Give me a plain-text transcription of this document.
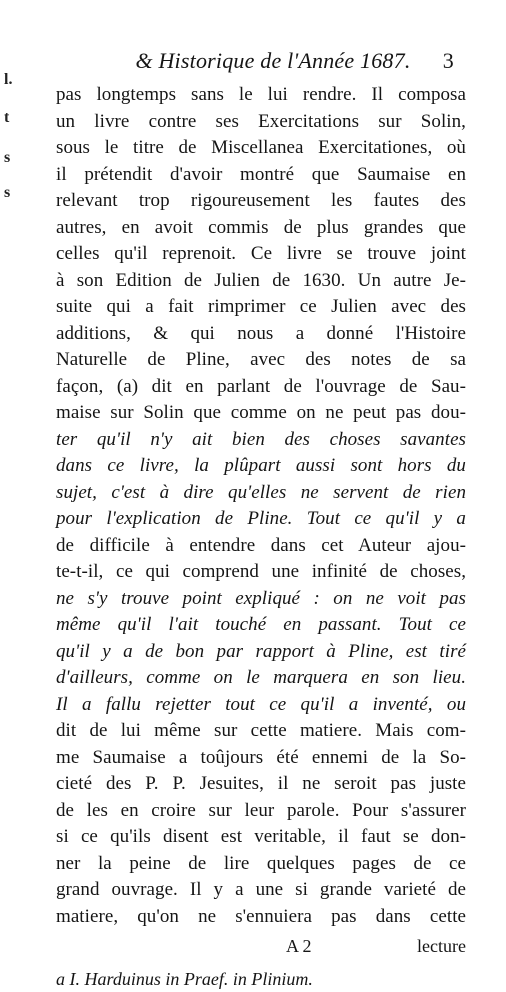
l.
t
s
s
& Historique de l'Année 1687. 3
pas longtemps sans le lui rendre. Il composa
un livre contre ses Exercitations sur Solin,
sous le titre de Miscellanea Exercitationes, où
il prétendit d'avoir montré que Saumaise en
relevant trop rigoureusement les fautes des
autres, en avoit commis de plus grandes que
celles qu'il reprenoit. Ce livre se trouve joint
à son Edition de Julien de 1630. Un autre Je-
suite qui a fait rimprimer ce Julien avec des
additions, & qui nous a donné l'Histoire
Naturelle de Pline, avec des notes de sa
façon, (a) dit en parlant de l'ouvrage de Sau-
maise sur Solin que comme on ne peut pas dou-
ter qu'il n'y ait bien des choses savantes
dans ce livre, la plûpart aussi sont hors du
sujet, c'est à dire qu'elles ne servent de rien
pour l'explication de Pline. Tout ce qu'il y a
de difficile à entendre dans cet Auteur ajou-
te-t-il, ce qui comprend une infinité de choses,
ne s'y trouve point expliqué : on ne voit pas
même qu'il l'ait touché en passant. Tout ce
qu'il y a de bon par rapport à Pline, est tiré
d'ailleurs, comme on le marquera en son lieu.
Il a fallu rejetter tout ce qu'il a inventé, ou
dit de lui même sur cette matiere. Mais com-
me Saumaise a toûjours été ennemi de la So-
cieté des P. P. Jesuites, il ne seroit pas juste
de les en croire sur leur parole. Pour s'assurer
si ce qu'ils disent est veritable, il faut se don-
ner la peine de lire quelques pages de ce
grand ouvrage. Il y a une si grande varieté de
matiere, qu'on ne s'ennuiera pas dans cette
A 2	lecture
a I. Harduinus in Praef. in Plinium.
